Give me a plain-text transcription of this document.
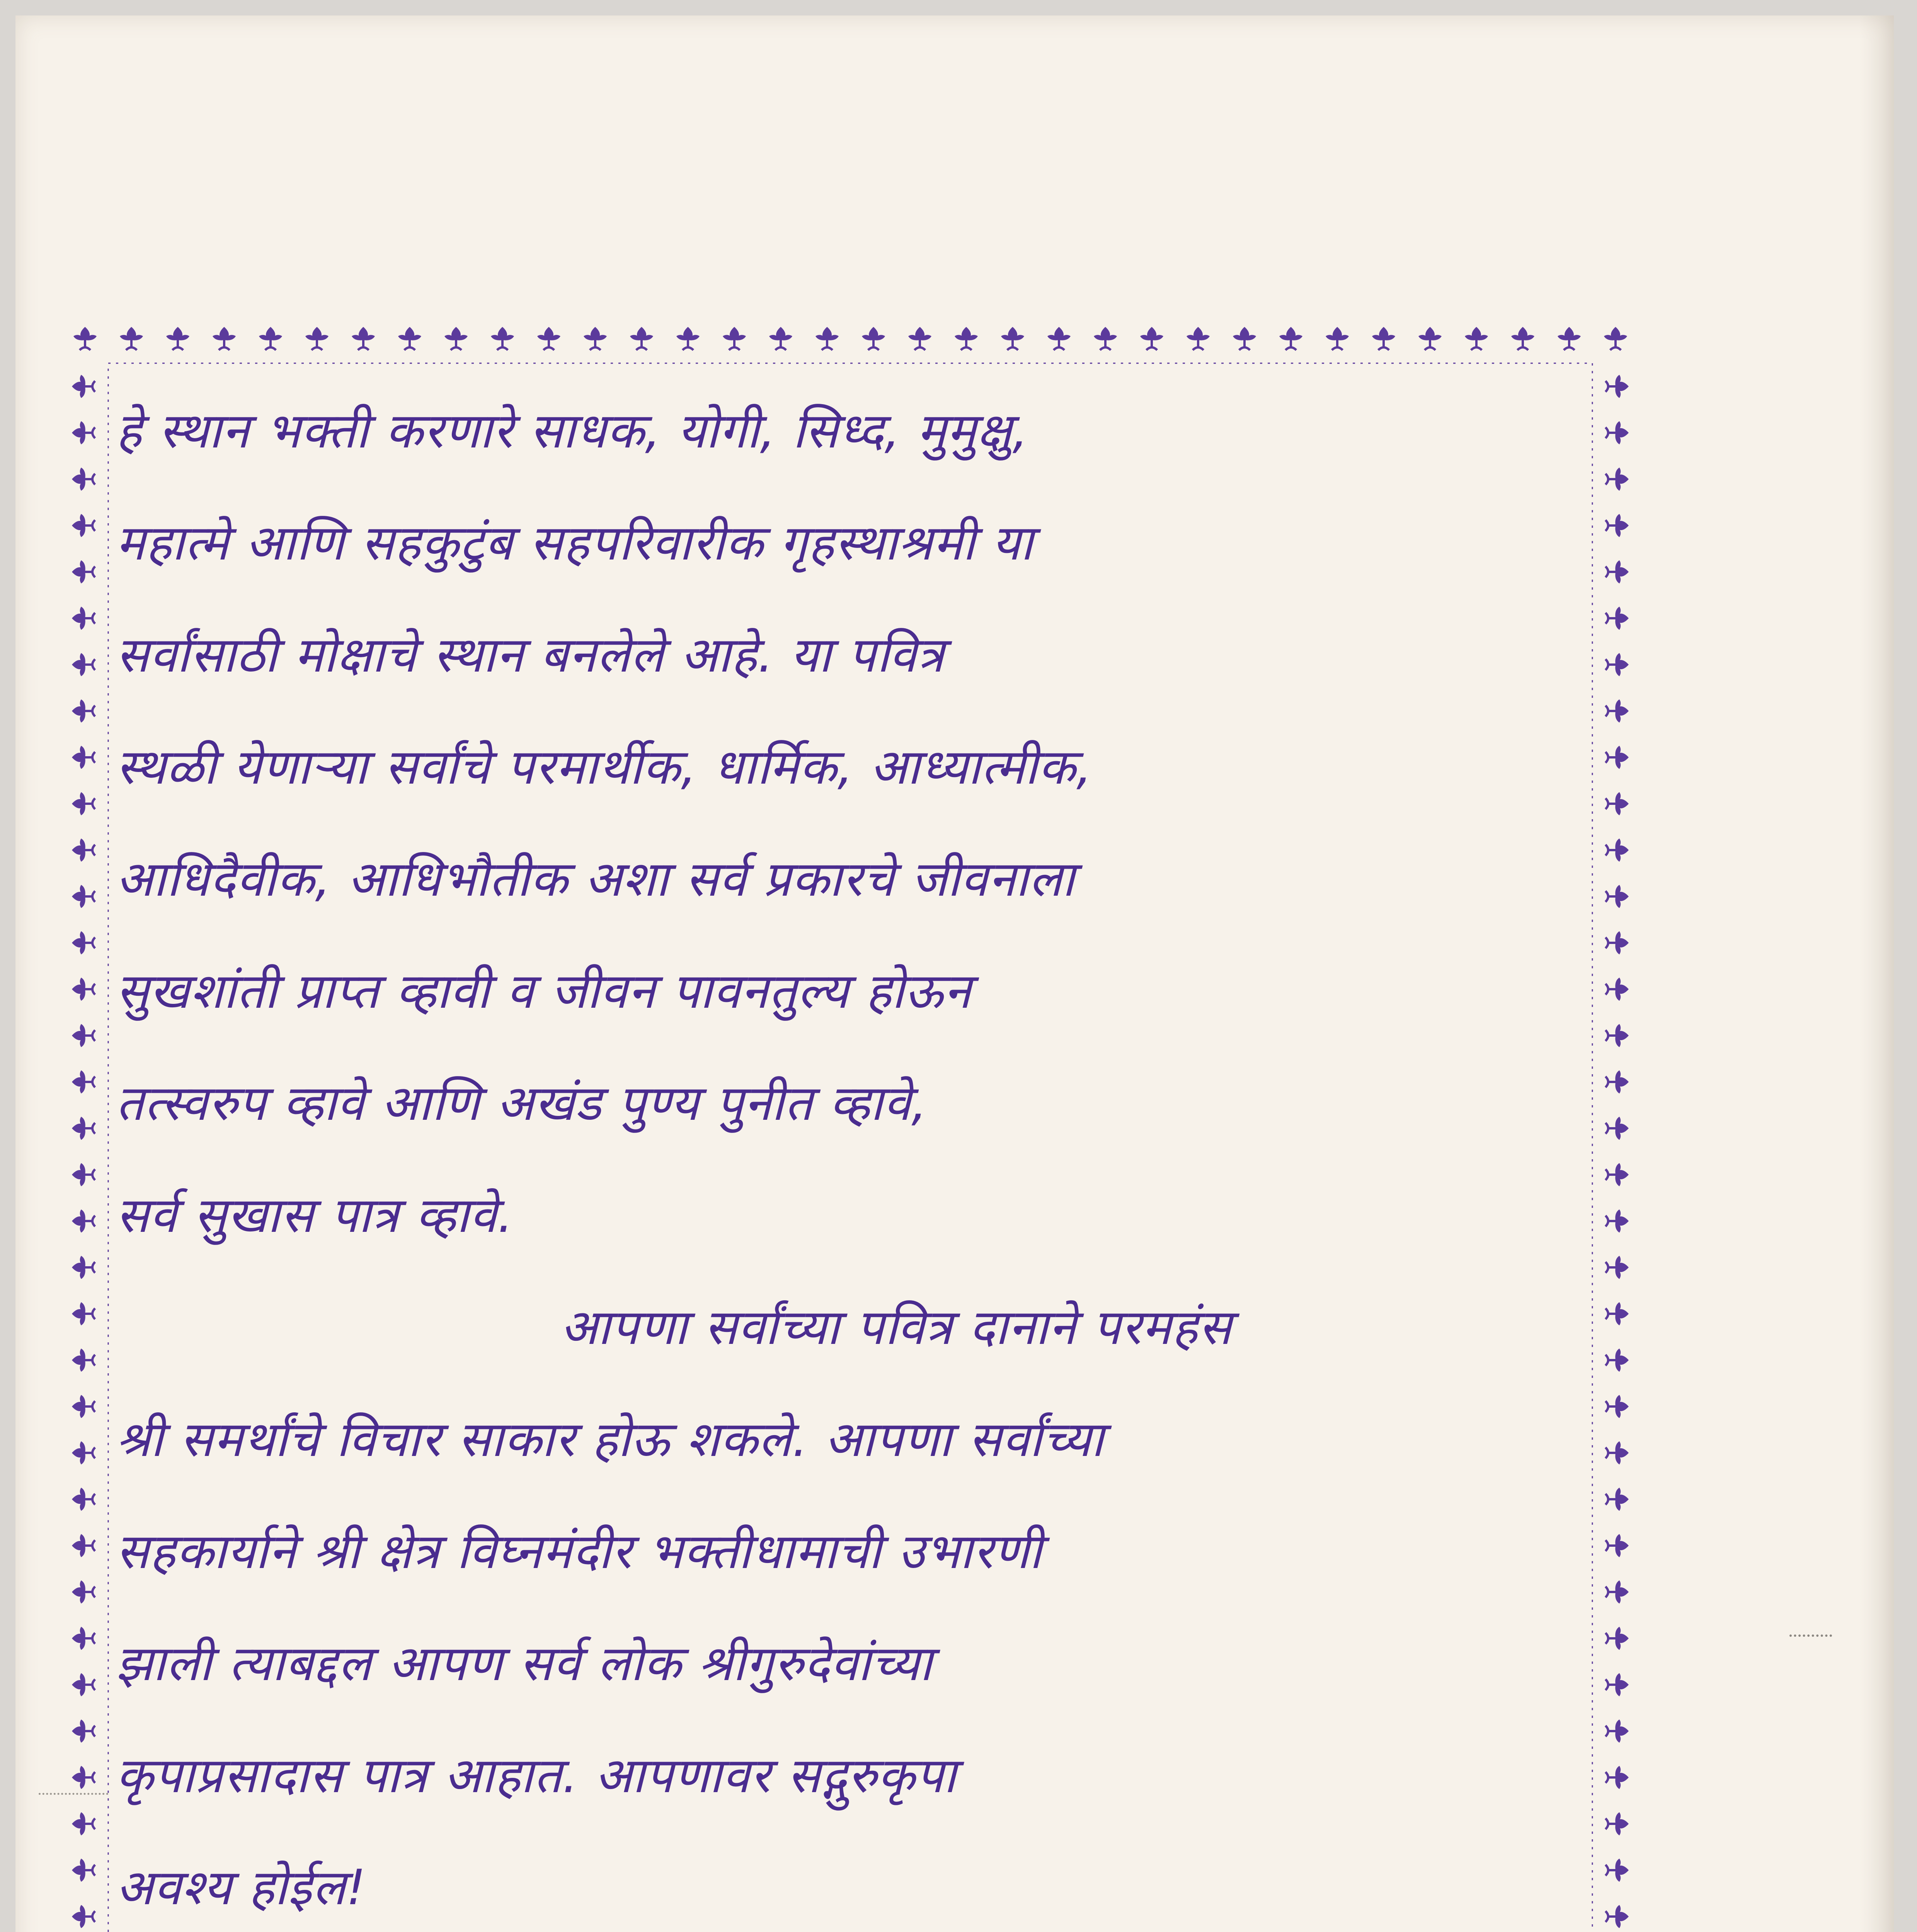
हे स्थान भक्ती करणारे साधक, योगी, सिध्द, मुमुक्षु,
महात्मे आणि सहकुटुंब सहपरिवारीक गृहस्थाश्रमी या
सर्वांसाठी मोक्षाचे स्थान बनलेले आहे. या पवित्र
स्थळी येणाऱ्या सर्वांचे परमार्थीक, धार्मिक, आध्यात्मीक,
आधिदैवीक, आधिभौतीक अशा सर्व प्रकारचे जीवनाला
सुखशांती प्राप्त व्हावी व जीवन पावनतुल्य होऊन
तत्स्वरुप व्हावे आणि अखंड पुण्य पुनीत व्हावे,
सर्व सुखास पात्र व्हावे.
आपणा सर्वांच्या पवित्र दानाने परमहंस
श्री समर्थांचे विचार साकार होऊ शकले. आपणा सर्वांच्या
सहकार्याने श्री क्षेत्र विघ्नमंदीर भक्तीधामाची उभारणी
झाली त्याबद्दल आपण सर्व लोक श्रीगुरुदेवांच्या
कृपाप्रसादास पात्र आहात. आपणावर सद्गुरुकृपा
अवश्य होईल!
